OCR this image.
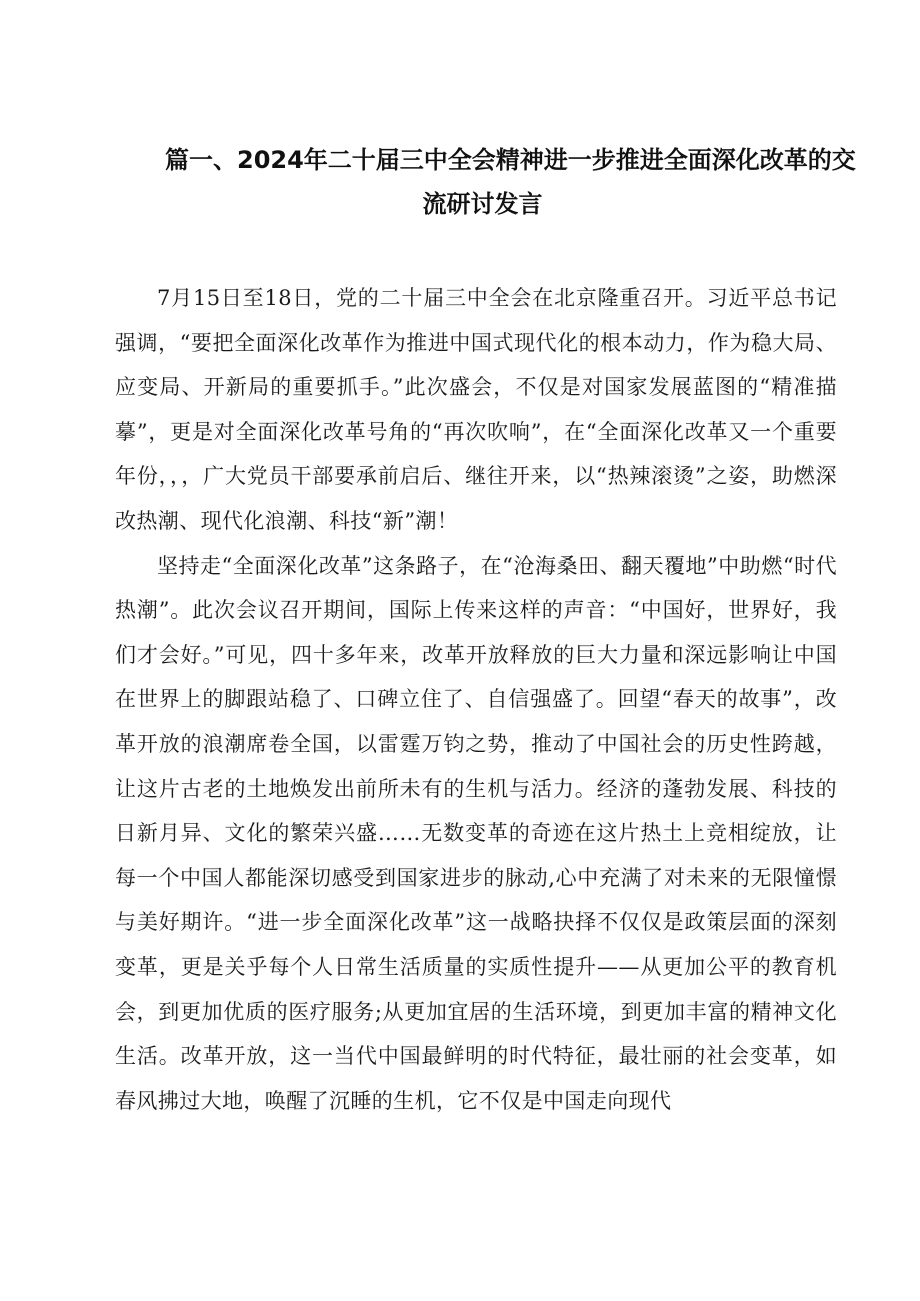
篇一、2024年二十届三中全会精神进一步推进全面深化改革的交
流研讨发言

7月15日至18日，党的二十届三中全会在北京隆重召开。习近平总书记强调，“要把全面深化改革作为推进中国式现代化的根本动力，作为稳大局、应变局、开新局的重要抓手。”此次盛会，不仅是对国家发展蓝图的“精准描摹”，更是对全面深化改革号角的“再次吹响”，在“全面深化改革又一个重要年份，，，广大党员干部要承前启后、继往开来，以“热辣滚烫”之姿，助燃深改热潮、现代化浪潮、科技“新”潮！

坚持走“全面深化改革”这条路子，在“沧海桑田、翻天覆地”中助燃“时代热潮”。此次会议召开期间，国际上传来这样的声音：“中国好，世界好，我们才会好。”可见，四十多年来，改革开放释放的巨大力量和深远影响让中国在世界上的脚跟站稳了、口碑立住了、自信强盛了。回望“春天的故事”，改革开放的浪潮席卷全国，以雷霆万钧之势，推动了中国社会的历史性跨越，让这片古老的土地焕发出前所未有的生机与活力。经济的蓬勃发展、科技的日新月异、文化的繁荣兴盛……无数变革的奇迹在这片热土上竞相绽放，让每一个中国人都能深切感受到国家进步的脉动,心中充满了对未来的无限憧憬与美好期许。“进一步全面深化改革”这一战略抉择不仅仅是政策层面的深刻变革，更是关乎每个人日常生活质量的实质性提升——从更加公平的教育机会，到更加优质的医疗服务;从更加宜居的生活环境，到更加丰富的精神文化生活。改革开放，这一当代中国最鲜明的时代特征，最壮丽的社会变革，如春风拂过大地，唤醒了沉睡的生机，它不仅是中国走向现代
